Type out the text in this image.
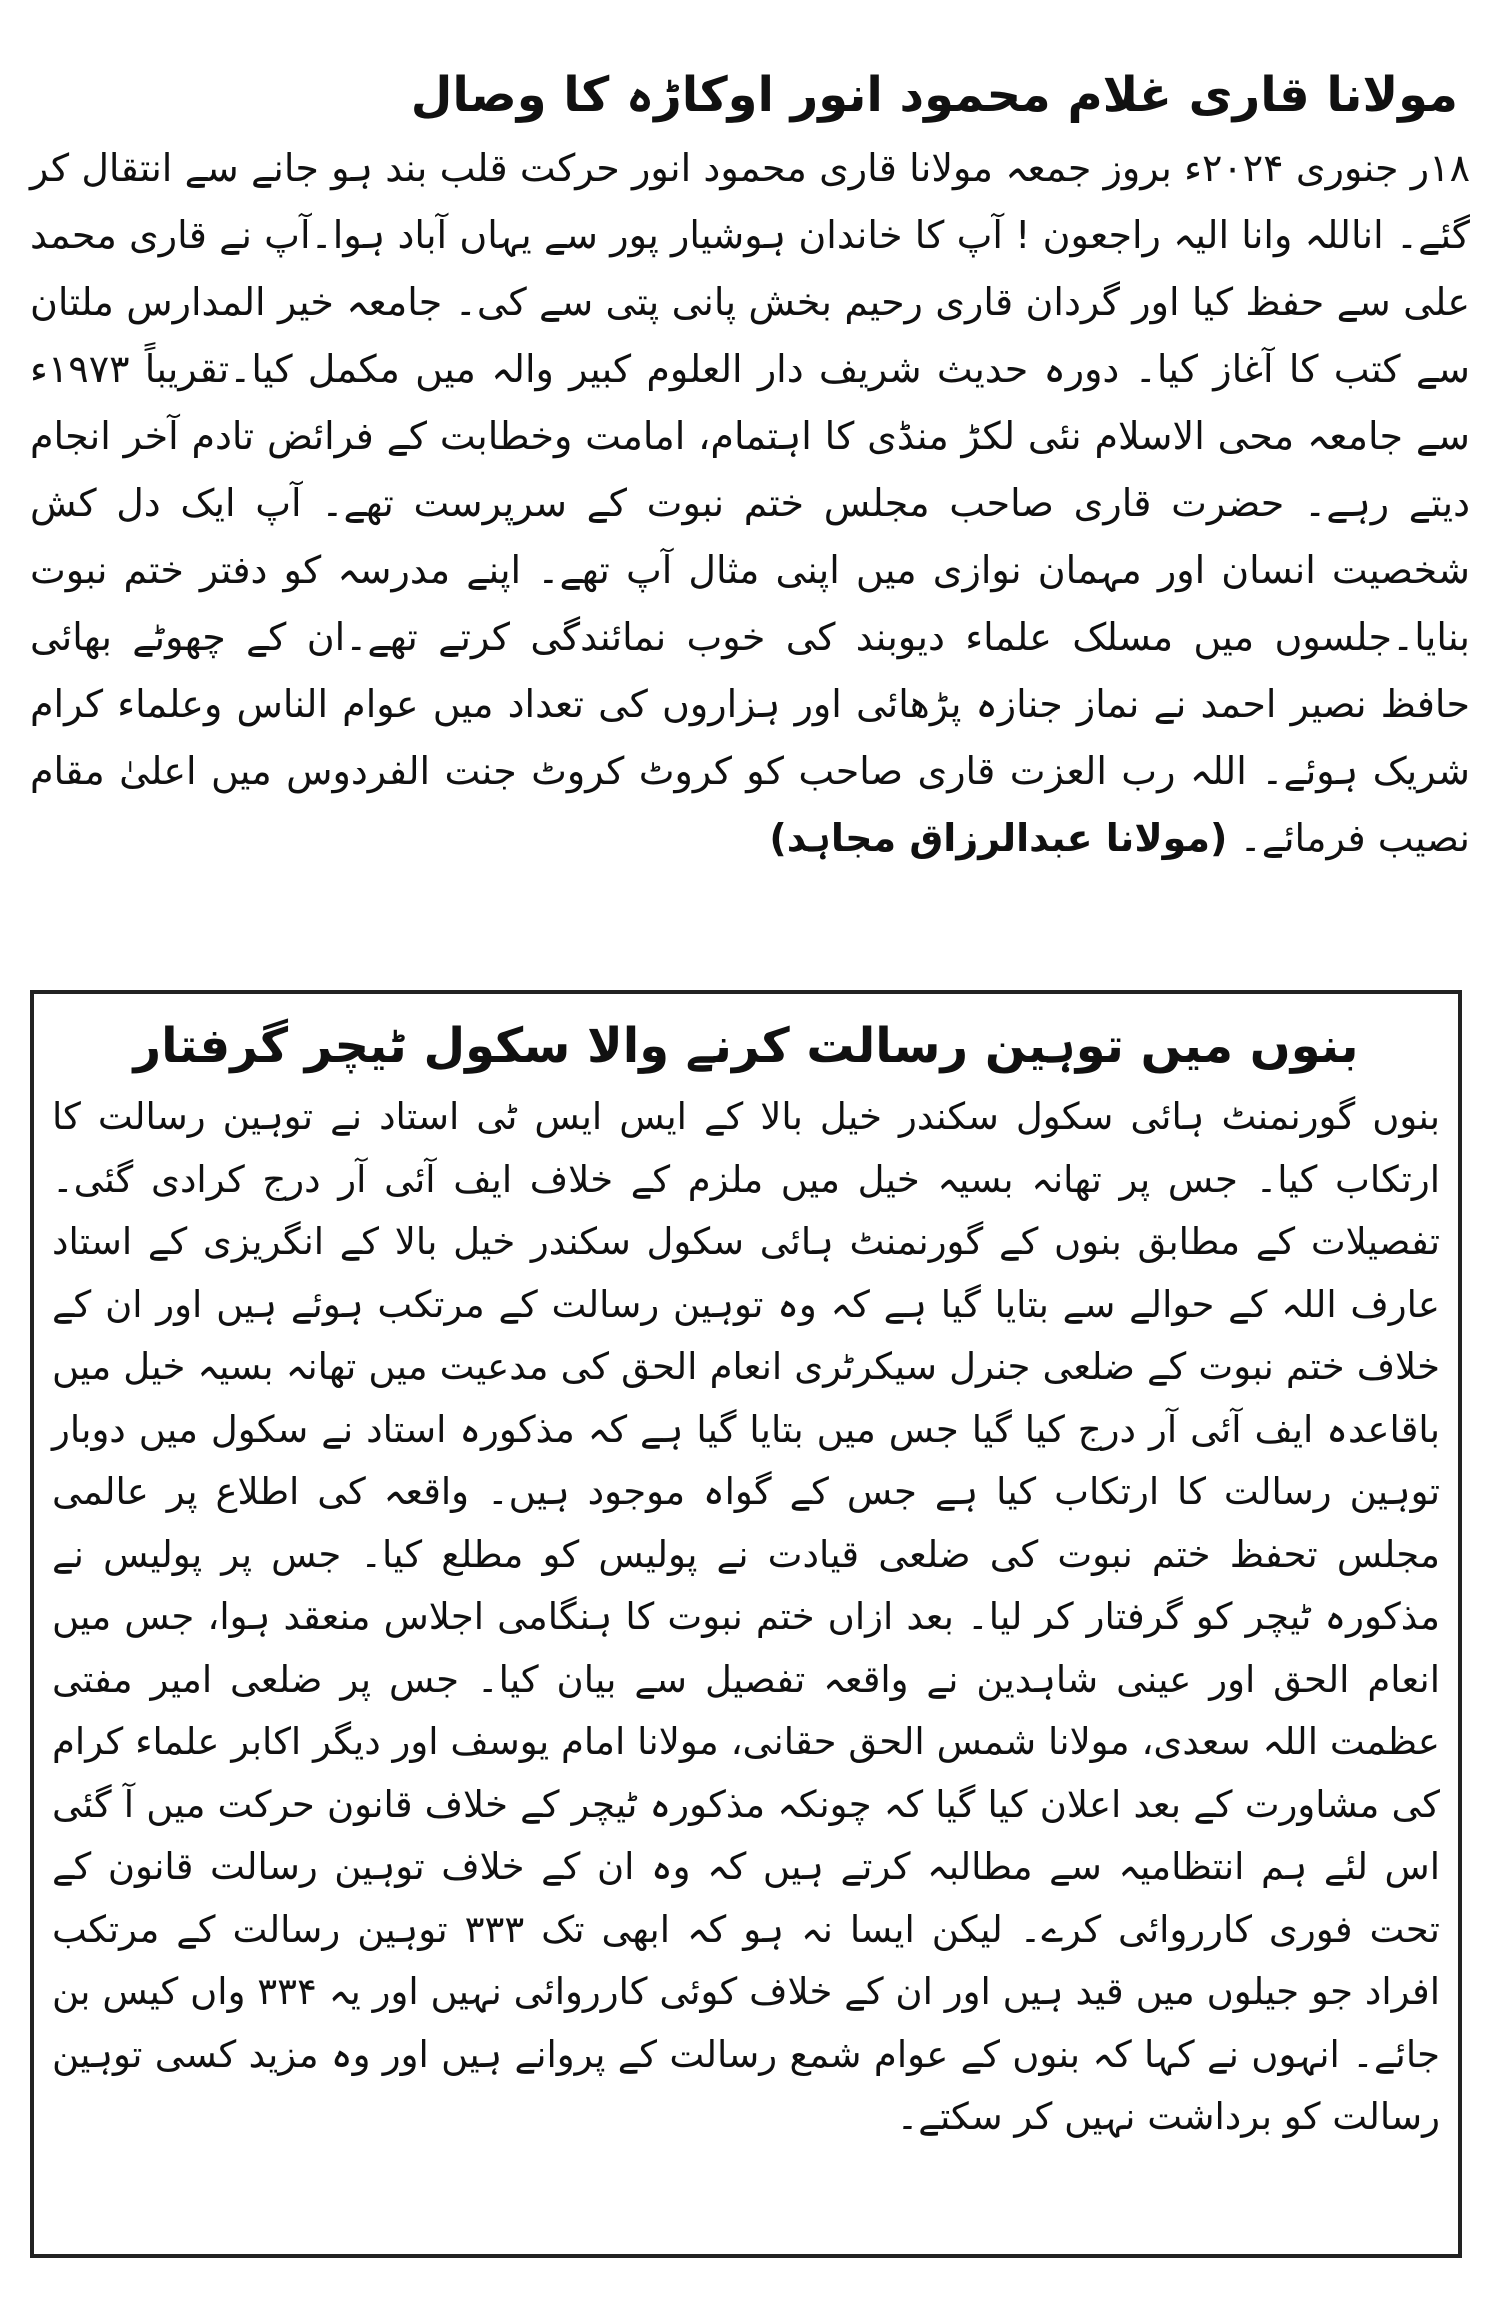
مولانا قاری غلام محمود انور اوکاڑہ کا وصال

۱۸ر جنوری ۲۰۲۴ء بروز جمعہ مولانا قاری محمود انور حرکت قلب بند ہو جانے سے انتقال کر گئے۔ اناللہ وانا الیہ راجعون ! آپ کا خاندان ہوشیار پور سے یہاں آباد ہوا۔آپ نے قاری محمد علی سے حفظ کیا اور گردان قاری رحیم بخش پانی پتی سے کی۔ جامعہ خیر المدارس ملتان سے کتب کا آغاز کیا۔ دورہ حدیث شریف دار العلوم کبیر والہ میں مکمل کیا۔تقریباً ۱۹۷۳ء سے جامعہ محی الاسلام نئی لکڑ منڈی کا اہتمام، امامت وخطابت کے فرائض تادم آخر انجام دیتے رہے۔ حضرت قاری صاحب مجلس ختم نبوت کے سرپرست تھے۔ آپ ایک دل کش شخصیت انسان اور مہمان نوازی میں اپنی مثال آپ تھے۔ اپنے مدرسہ کو دفتر ختم نبوت بنایا۔جلسوں میں مسلک علماء دیوبند کی خوب نمائندگی کرتے تھے۔ان کے چھوٹے بھائی حافظ نصیر احمد نے نماز جنازہ پڑھائی اور ہزاروں کی تعداد میں عوام الناس وعلماء کرام شریک ہوئے۔ اللہ رب العزت قاری صاحب کو کروٹ کروٹ جنت الفردوس میں اعلیٰ مقام نصیب فرمائے۔ (مولانا عبدالرزاق مجاہد)

بنوں میں توہین رسالت کرنے والا سکول ٹیچر گرفتار

بنوں گورنمنٹ ہائی سکول سکندر خیل بالا کے ایس ایس ٹی استاد نے توہین رسالت کا ارتکاب کیا۔ جس پر تھانہ بسیہ خیل میں ملزم کے خلاف ایف آئی آر درج کرادی گئی۔ تفصیلات کے مطابق بنوں کے گورنمنٹ ہائی سکول سکندر خیل بالا کے انگریزی کے استاد عارف اللہ کے حوالے سے بتایا گیا ہے کہ وہ توہین رسالت کے مرتکب ہوئے ہیں اور ان کے خلاف ختم نبوت کے ضلعی جنرل سیکرٹری انعام الحق کی مدعیت میں تھانہ بسیہ خیل میں باقاعدہ ایف آئی آر درج کیا گیا جس میں بتایا گیا ہے کہ مذکورہ استاد نے سکول میں دوبار توہین رسالت کا ارتکاب کیا ہے جس کے گواہ موجود ہیں۔ واقعہ کی اطلاع پر عالمی مجلس تحفظ ختم نبوت کی ضلعی قیادت نے پولیس کو مطلع کیا۔ جس پر پولیس نے مذکورہ ٹیچر کو گرفتار کر لیا۔ بعد ازاں ختم نبوت کا ہنگامی اجلاس منعقد ہوا، جس میں انعام الحق اور عینی شاہدین نے واقعہ تفصیل سے بیان کیا۔ جس پر ضلعی امیر مفتی عظمت اللہ سعدی، مولانا شمس الحق حقانی، مولانا امام یوسف اور دیگر اکابر علماء کرام کی مشاورت کے بعد اعلان کیا گیا کہ چونکہ مذکورہ ٹیچر کے خلاف قانون حرکت میں آ گئی اس لئے ہم انتظامیہ سے مطالبہ کرتے ہیں کہ وہ ان کے خلاف توہین رسالت قانون کے تحت فوری کارروائی کرے۔ لیکن ایسا نہ ہو کہ ابھی تک ۳۳۳ توہین رسالت کے مرتکب افراد جو جیلوں میں قید ہیں اور ان کے خلاف کوئی کارروائی نہیں اور یہ ۳۳۴ واں کیس بن جائے۔ انہوں نے کہا کہ بنوں کے عوام شمع رسالت کے پروانے ہیں اور وہ مزید کسی توہین رسالت کو برداشت نہیں کر سکتے۔
